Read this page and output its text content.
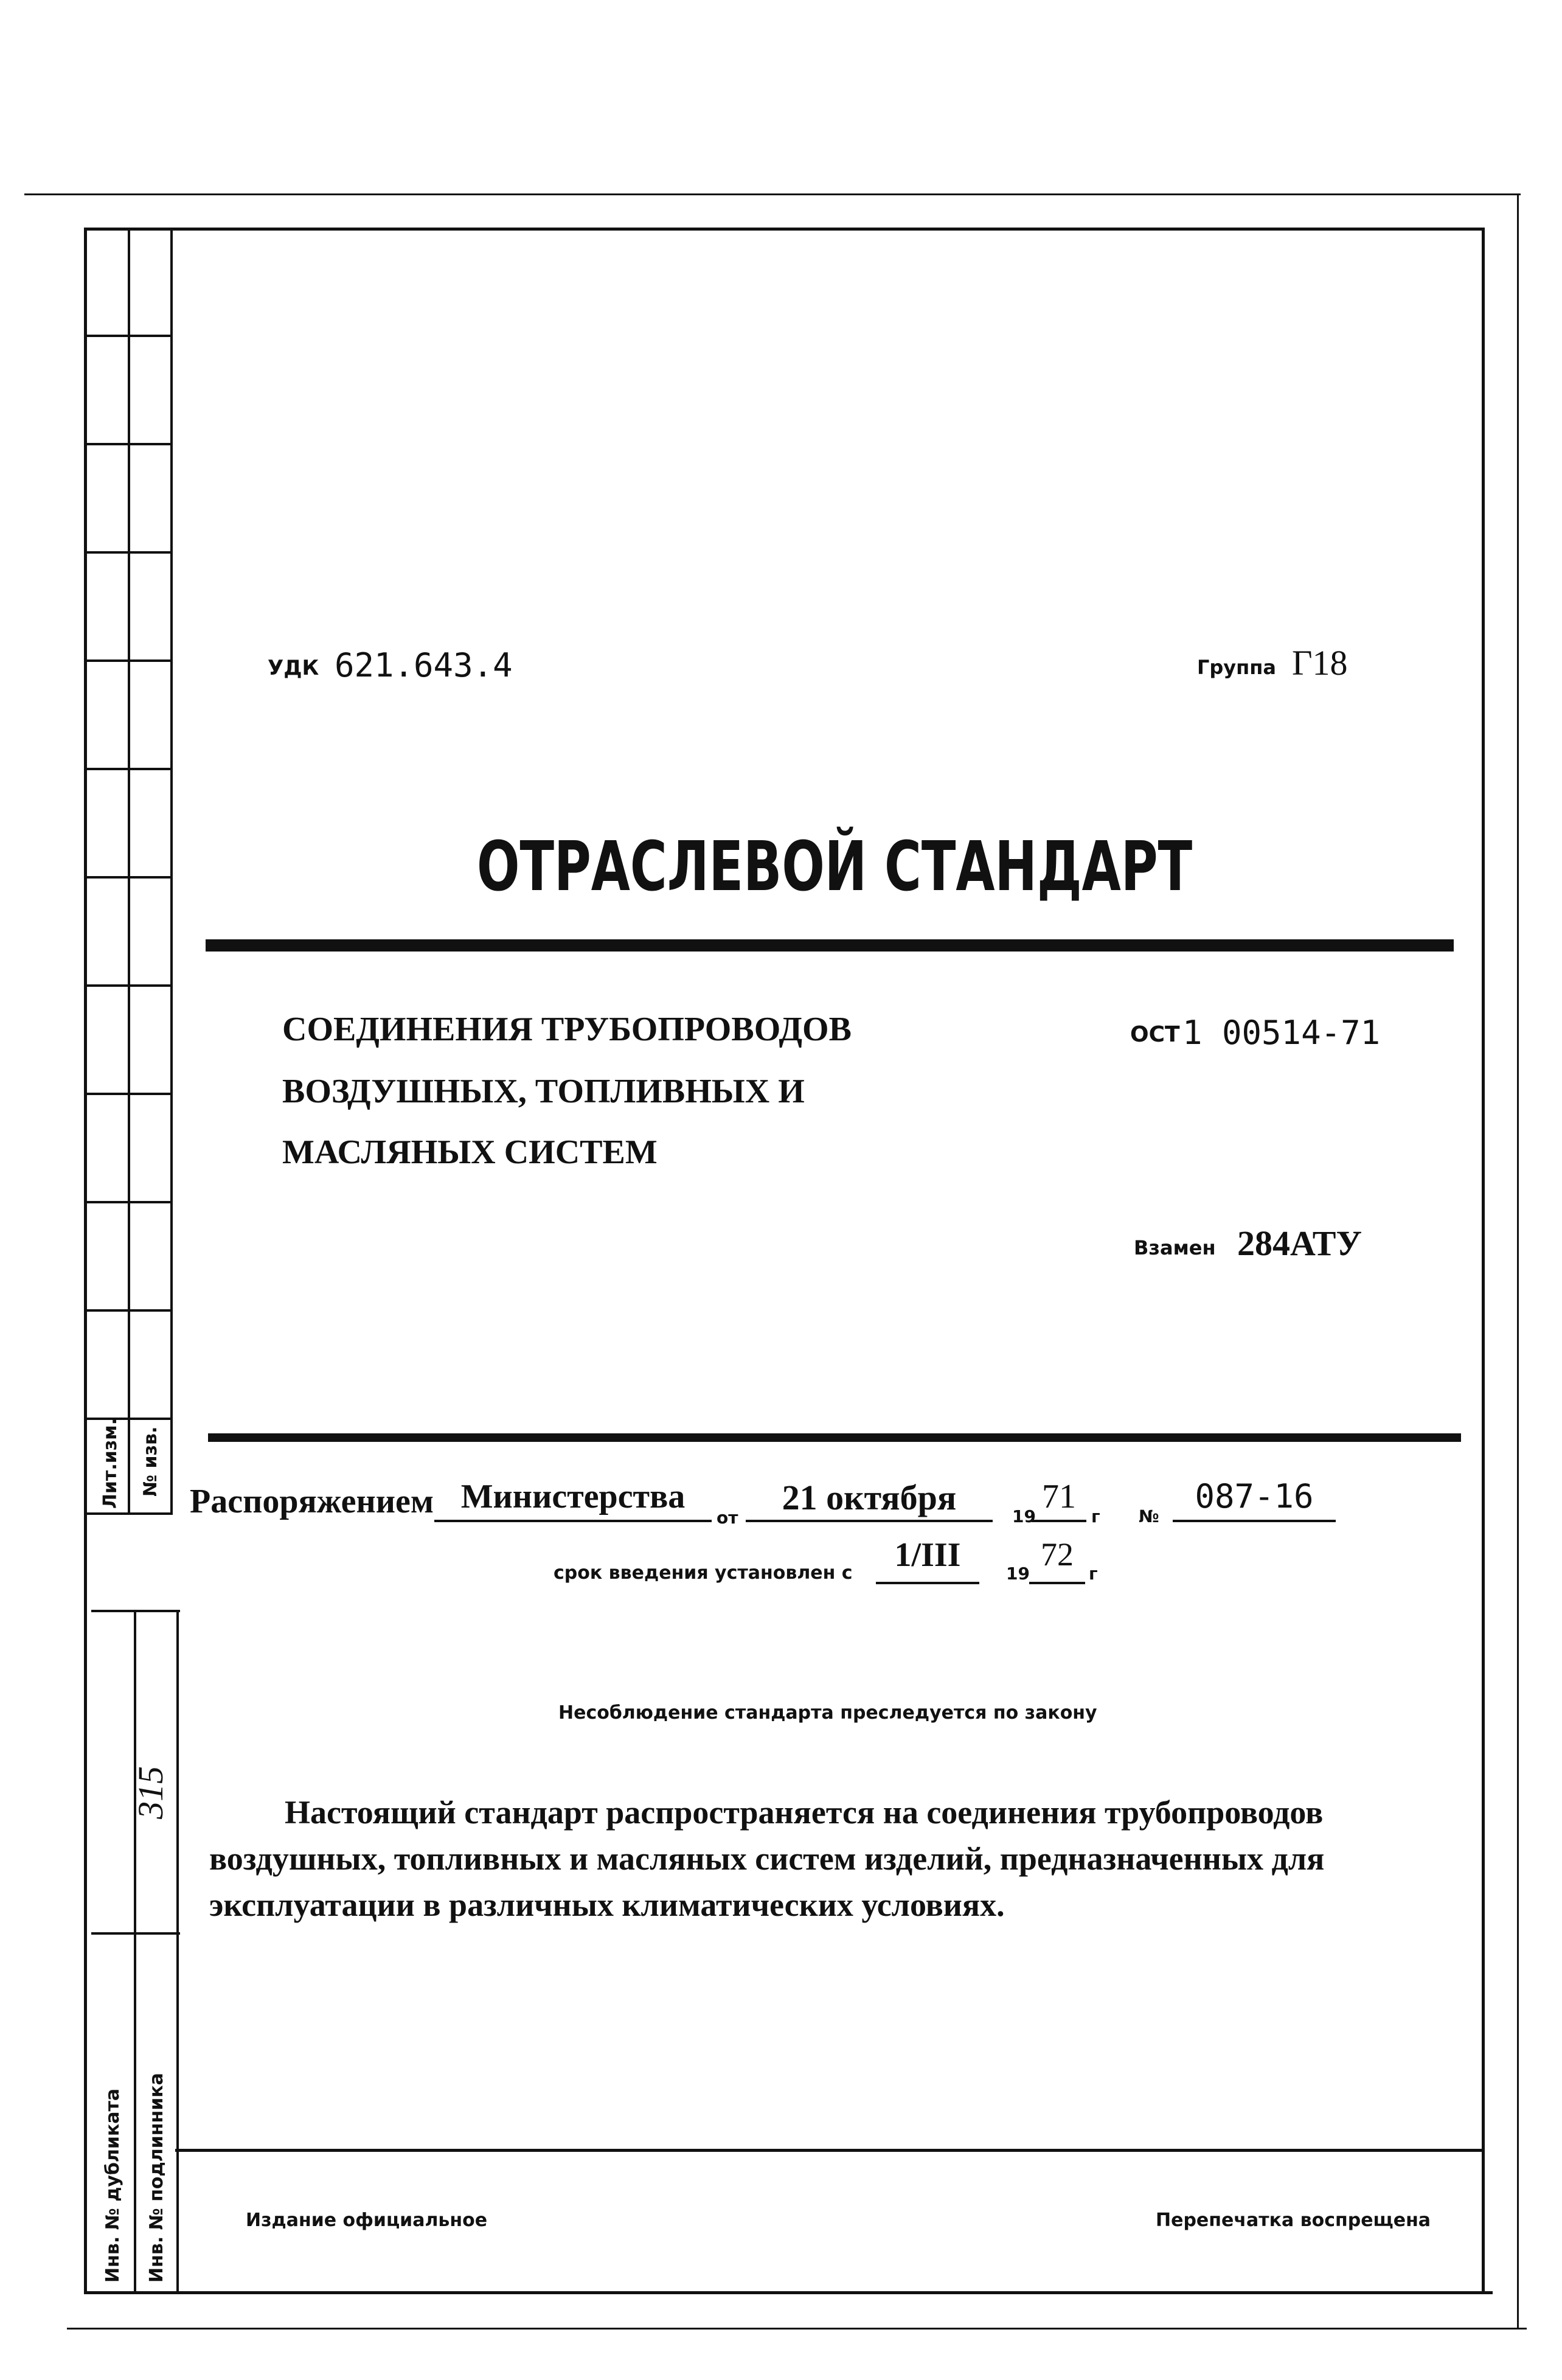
Лит.изм. № изв.
315
Инв. № дубликата Инв. № подлинника
УДК 621.643.4	Группа Г18
ОТРАСЛЕВОЙ СТАНДАРТ
СОЕДИНЕНИЯ ТРУБОПРОВОДОВ
ВОЗДУШНЫХ, ТОПЛИВНЫХ И
МАСЛЯНЫХ СИСТЕМ
ОСТ 1 00514-71
Взамен 284АТУ
Распоряжением Министерства
от
21 октября	19
71
г №
087-16
срок введения установлен с	1/III	19
72
г
Несоблюдение стандарта преследуется по закону
Настоящий стандарт распространяется на соединения трубопроводов
воздушных, топливных и масляных систем изделий, предназначенных для
эксплуатации в различных климатических условиях.
Издание официальное	Перепечатка воспрещена
